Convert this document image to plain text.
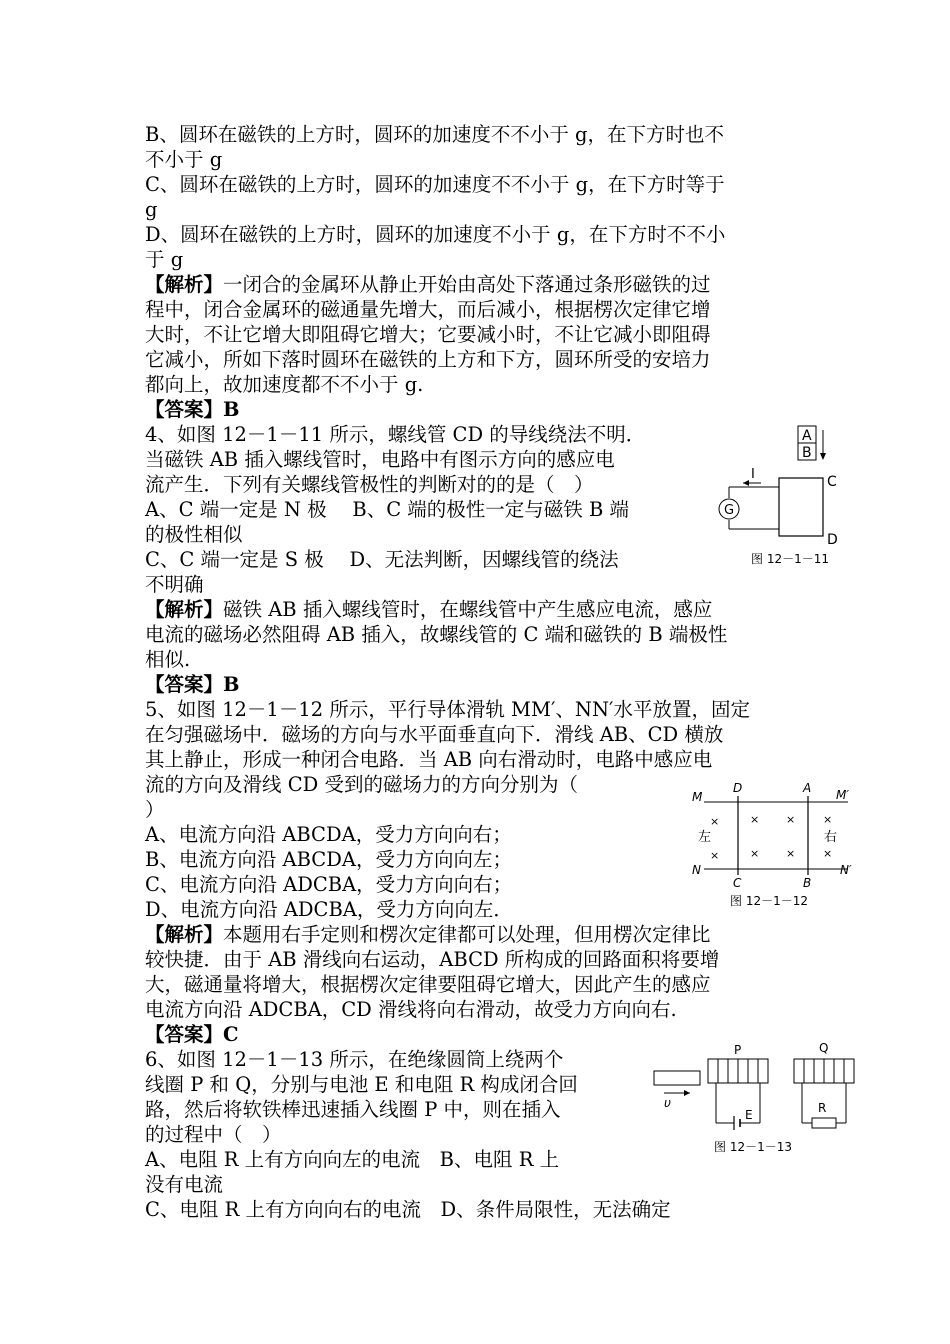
B、圆环在磁铁的上方时，圆环的加速度不不小于 g，在下方时也不
不小于 g
C、圆环在磁铁的上方时，圆环的加速度不不小于 g，在下方时等于
g
D、圆环在磁铁的上方时，圆环的加速度不小于 g，在下方时不不小
于 g
【解析】一闭合的金属环从静止开始由高处下落通过条形磁铁的过
程中，闭合金属环的磁通量先增大，而后减小，根据楞次定律它增
大时，不让它增大即阻碍它增大；它要减小时，不让它减小即阻碍
它减小，所如下落时圆环在磁铁的上方和下方，圆环所受的安培力
都向上，故加速度都不不小于 g.
【答案】B
4、如图 12－1－11 所示，螺线管 CD 的导线绕法不明．
当磁铁 AB 插入螺线管时，电路中有图示方向的感应电
流产生．下列有关螺线管极性的判断对的的是（　）
A、C 端一定是 N 极　 B、C 端的极性一定与磁铁 B 端
的极性相似
C、C 端一定是 S 极　 D、无法判断，因螺线管的绕法
不明确
A
B
G
I	C
D
图 12－1－11
【解析】磁铁 AB 插入螺线管时，在螺线管中产生感应电流，感应
电流的磁场必然阻碍 AB 插入，故螺线管的 C 端和磁铁的 B 端极性
相似.
【答案】B
5、如图 12－1－12 所示，平行导体滑轨 MM′、NN′水平放置，固定
在匀强磁场中．磁场的方向与水平面垂直向下．滑线 AB、CD 横放
其上静止，形成一种闭合电路．当 AB 向右滑动时，电路中感应电
流的方向及滑线 CD 受到的磁场力的方向分别为（
）
A、电流方向沿 ABCDA，受力方向向右；
B、电流方向沿 ABCDA，受力方向向左；
C、电流方向沿 ADCBA，受力方向向右；
D、电流方向沿 ADCBA，受力方向向左．
M	M′
N	N′
D	A
C	B
左	右
×	× ×	×
×	× ×	×
图 12－1－12
【解析】本题用右手定则和楞次定律都可以处理，但用楞次定律比
较快捷．由于 AB 滑线向右运动，ABCD 所构成的回路面积将要增
大，磁通量将增大，根据楞次定律要阻碍它增大，因此产生的感应
电流方向沿 ADCBA，CD 滑线将向右滑动，故受力方向向右.
【答案】C
6、如图 12－1－13 所示，在绝缘圆筒上绕两个
线圈 P 和 Q，分别与电池 E 和电阻 R 构成闭合回
路，然后将软铁棒迅速插入线圈 P 中，则在插入
的过程中（　）
A、电阻 R 上有方向向左的电流　B、电阻 R 上
没有电流
C、电阻 R 上有方向向右的电流　D、条件局限性，无法确定
υ
P
E
Q
R
图 12－1－13
